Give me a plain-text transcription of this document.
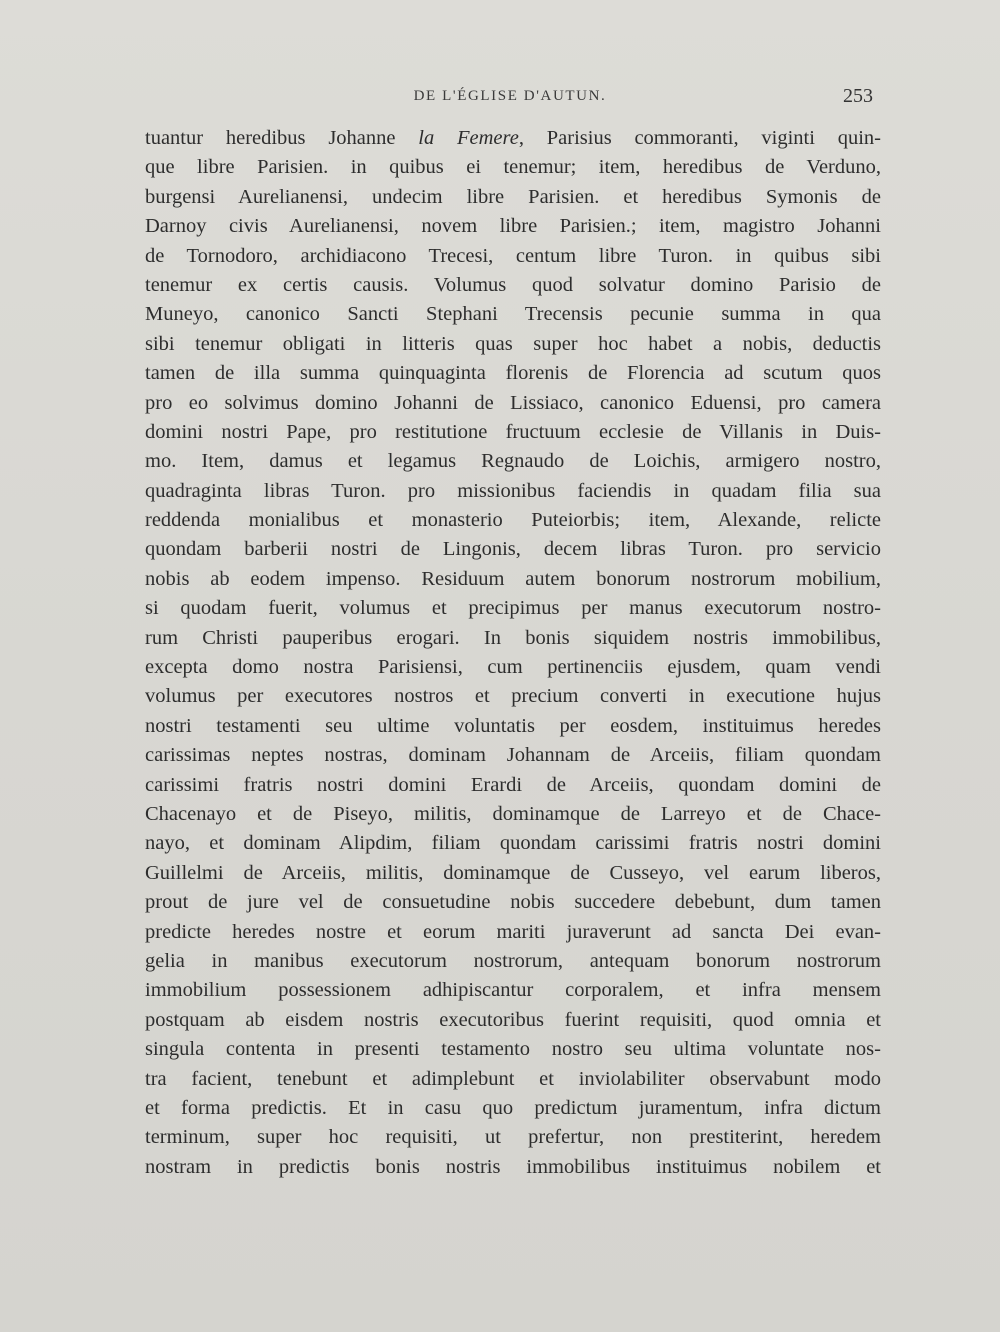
DE L'ÉGLISE D'AUTUN.	253
tuantur heredibus Johanne la Femere, Parisius commoranti, viginti quin-
que libre Parisien. in quibus ei tenemur; item, heredibus de Verduno,
burgensi Aurelianensi, undecim libre Parisien. et heredibus Symonis de
Darnoy civis Aurelianensi, novem libre Parisien.; item, magistro Johanni
de Tornodoro, archidiacono Trecesi, centum libre Turon. in quibus sibi
tenemur ex certis causis. Volumus quod solvatur domino Parisio de
Muneyo, canonico Sancti Stephani Trecensis pecunie summa in qua
sibi tenemur obligati in litteris quas super hoc habet a nobis, deductis
tamen de illa summa quinquaginta florenis de Florencia ad scutum quos
pro eo solvimus domino Johanni de Lissiaco, canonico Eduensi, pro camera
domini nostri Pape, pro restitutione fructuum ecclesie de Villanis in Duis-
mo. Item, damus et legamus Regnaudo de Loichis, armigero nostro,
quadraginta libras Turon. pro missionibus faciendis in quadam filia sua
reddenda monialibus et monasterio Puteiorbis; item, Alexande, relicte
quondam barberii nostri de Lingonis, decem libras Turon. pro servicio
nobis ab eodem impenso. Residuum autem bonorum nostrorum mobilium,
si quodam fuerit, volumus et precipimus per manus executorum nostro-
rum Christi pauperibus erogari. In bonis siquidem nostris immobilibus,
excepta domo nostra Parisiensi, cum pertinenciis ejusdem, quam vendi
volumus per executores nostros et precium converti in executione hujus
nostri testamenti seu ultime voluntatis per eosdem, instituimus heredes
carissimas neptes nostras, dominam Johannam de Arceiis, filiam quondam
carissimi fratris nostri domini Erardi de Arceiis, quondam domini de
Chacenayo et de Piseyo, militis, dominamque de Larreyo et de Chace-
nayo, et dominam Alipdim, filiam quondam carissimi fratris nostri domini
Guillelmi de Arceiis, militis, dominamque de Cusseyo, vel earum liberos,
prout de jure vel de consuetudine nobis succedere debebunt, dum tamen
predicte heredes nostre et eorum mariti juraverunt ad sancta Dei evan-
gelia in manibus executorum nostrorum, antequam bonorum nostrorum
immobilium possessionem adhipiscantur corporalem, et infra mensem
postquam ab eisdem nostris executoribus fuerint requisiti, quod omnia et
singula contenta in presenti testamento nostro seu ultima voluntate nos-
tra facient, tenebunt et adimplebunt et inviolabiliter observabunt modo
et forma predictis. Et in casu quo predictum juramentum, infra dictum
terminum, super hoc requisiti, ut prefertur, non prestiterint, heredem
nostram in predictis bonis nostris immobilibus instituimus nobilem et
